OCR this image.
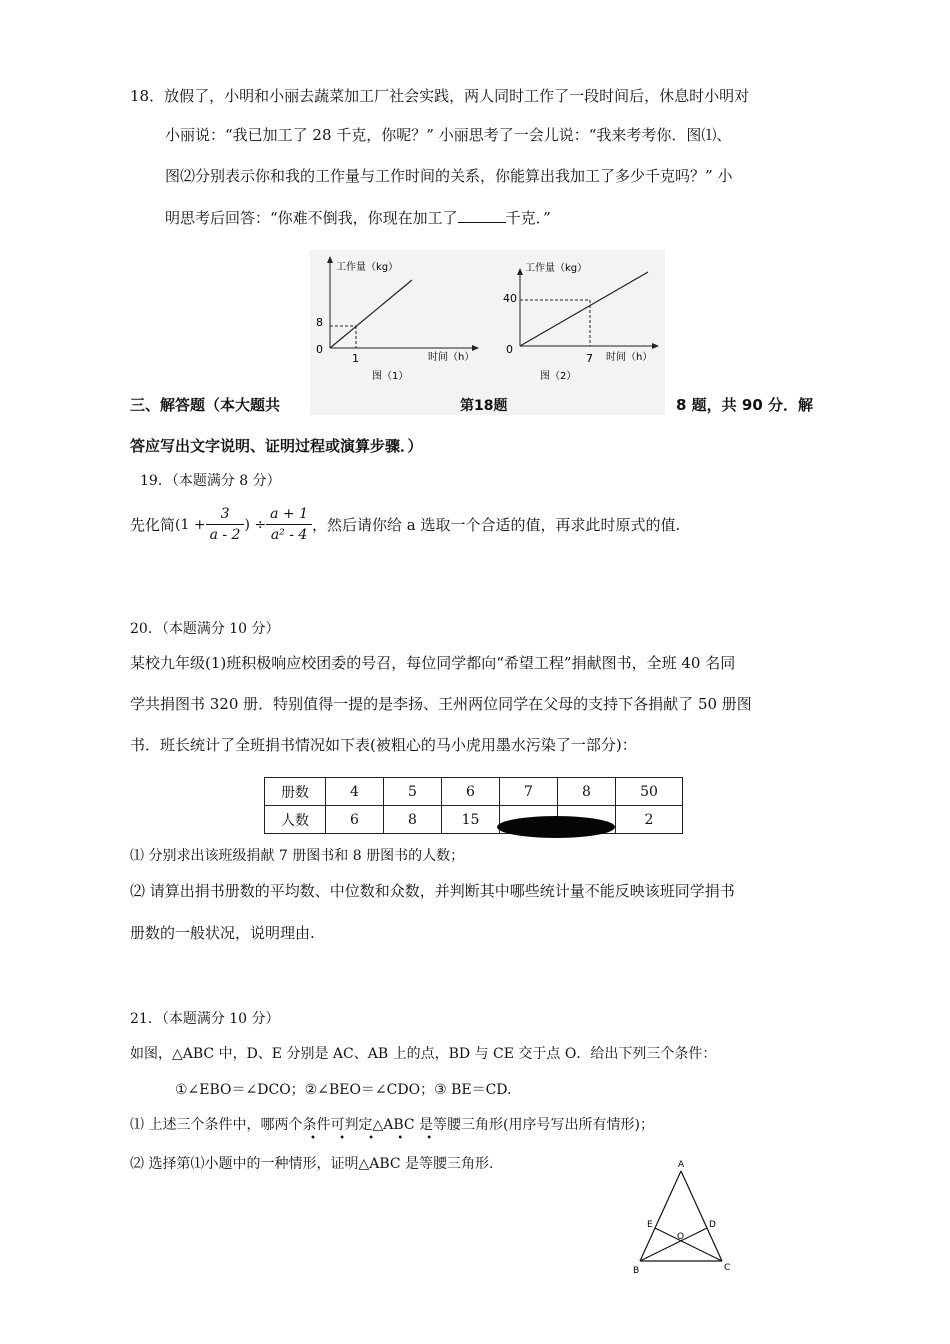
18．放假了，小明和小丽去蔬菜加工厂社会实践，两人同时工作了一段时间后，休息时小明对
小丽说：“我已加工了 28 千克，你呢？” 小丽思考了一会儿说：“我来考考你．图⑴、
图⑵分别表示你和我的工作量与工作时间的关系，你能算出我加工了多少千克吗？” 小
明思考后回答：“你难不倒我，你现在加工了	千克．”
工作量（kg）
时间（h）
8
1
0
图（1）
工作量（kg）
时间（h）
40
7
0
图（2）
三、解答题（本大题共	第18题	8 题，共 90 分．解
答应写出文字说明、证明过程或演算步骤．）
19．（本题满分 8 分）
先化简 ($1 + \frac{3}{a - 2}$ ) ÷ $\frac{a + 1}{\text{a² - 4}}$ ，然后请你给 a 选取一个合适的值，再求此时原式的值.
20．（本题满分 10 分）
某校九年级(1)班积极响应校团委的号召，每位同学都向“希望工程”捐献图书，全班 40 名同
学共捐图书 320 册．特别值得一提的是李扬、王州两位同学在父母的支持下各捐献了 50 册图
书．班长统计了全班捐书情况如下表(被粗心的马小虎用墨水污染了一部分)：
册数	4	5	6	7	8	50
人数	6	8	15			2
⑴ 分别求出该班级捐献 7 册图书和 8 册图书的人数；
⑵ 请算出捐书册数的平均数、中位数和众数，并判断其中哪些统计量不能反映该班同学捐书
册数的一般状况，说明理由.
21．（本题满分 10 分）
如图，△ABC 中，D、E 分别是 AC、AB 上的点，BD 与 CE 交于点 O．给出下列三个条件：
①∠EBO＝∠DCO；②∠BEO＝∠CDO；③ BE＝CD.
⑴ 上述三个条件中，哪两个条件可判定△ABC 是等腰三角形(用序号写出所有情形)；
• • • • •
⑵ 选择第⑴小题中的一种情形，证明△ABC 是等腰三角形.	A
B	C
D
E
O
